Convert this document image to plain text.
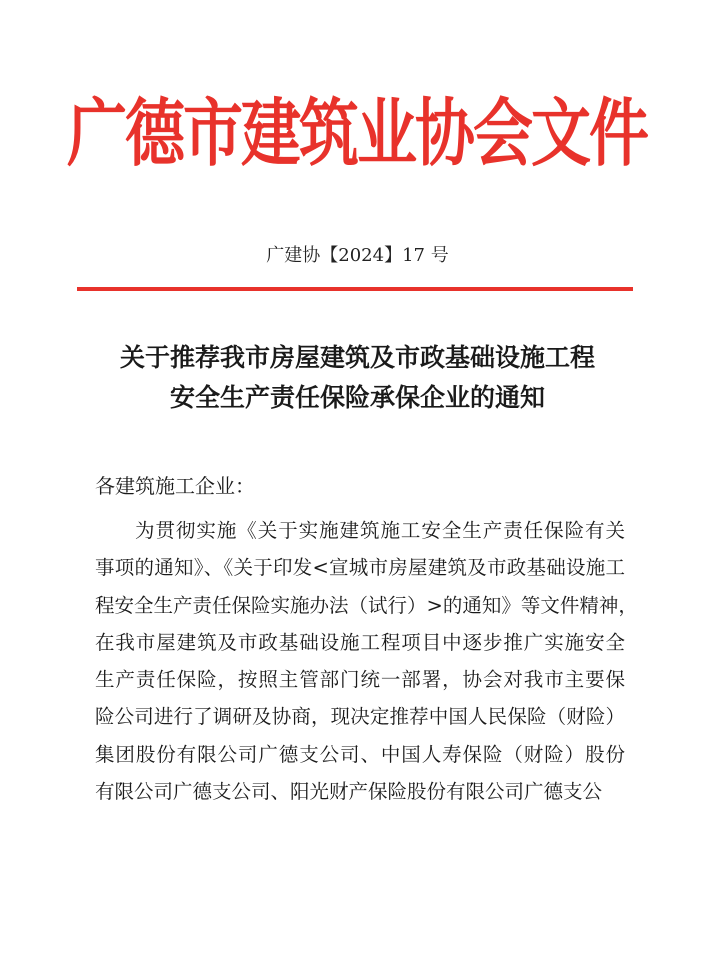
广德市建筑业协会文件
广建协【2024】17 号
关于推荐我市房屋建筑及市政基础设施工程
安全生产责任保险承保企业的通知
各建筑施工企业：
为贯彻实施《关于实施建筑施工安全生产责任保险有关
事项的通知》、《关于印发<宣城市房屋建筑及市政基础设施工
程安全生产责任保险实施办法（试行）>的通知》等文件精神，
在我市屋建筑及市政基础设施工程项目中逐步推广实施安全
生产责任保险，按照主管部门统一部署，协会对我市主要保
险公司进行了调研及协商，现决定推荐中国人民保险（财险）
集团股份有限公司广德支公司、中国人寿保险（财险）股份
有限公司广德支公司、阳光财产保险股份有限公司广德支公
